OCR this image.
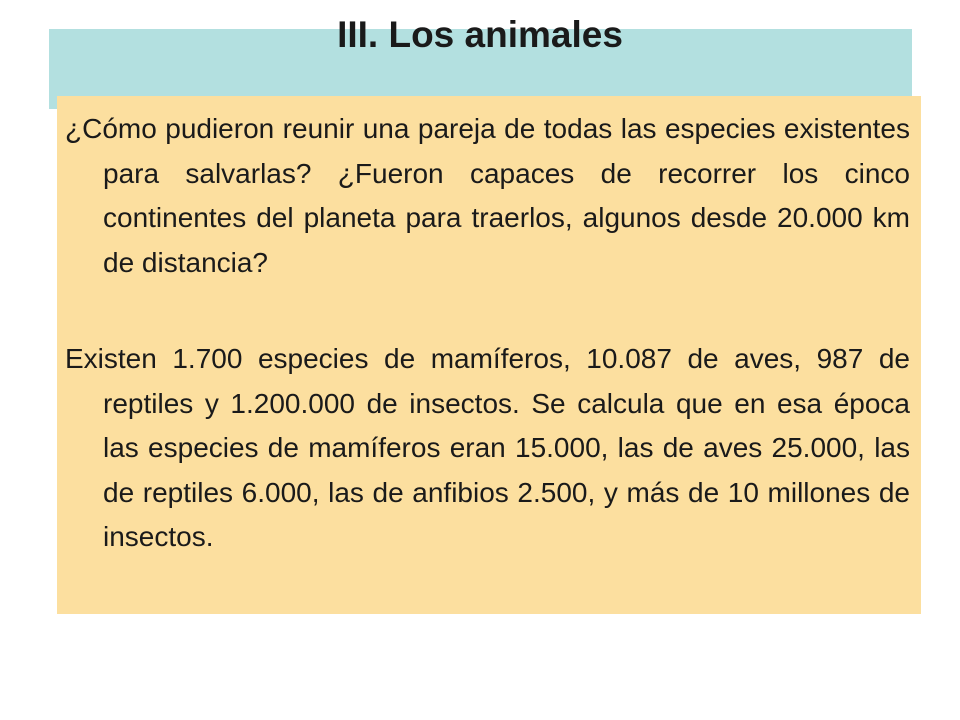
III. Los animales

¿Cómo pudieron reunir una pareja de todas las especies existentes para salvarlas? ¿Fueron capaces de recorrer los cinco continentes del planeta para traerlos, algunos desde 20.000 km de distancia?

Existen 1.700 especies de mamíferos, 10.087 de aves, 987 de reptiles y 1.200.000 de insectos. Se calcula que en esa época las especies de mamíferos eran 15.000, las de aves 25.000, las de reptiles 6.000, las de anfibios 2.500, y más de 10 millones de insectos.
